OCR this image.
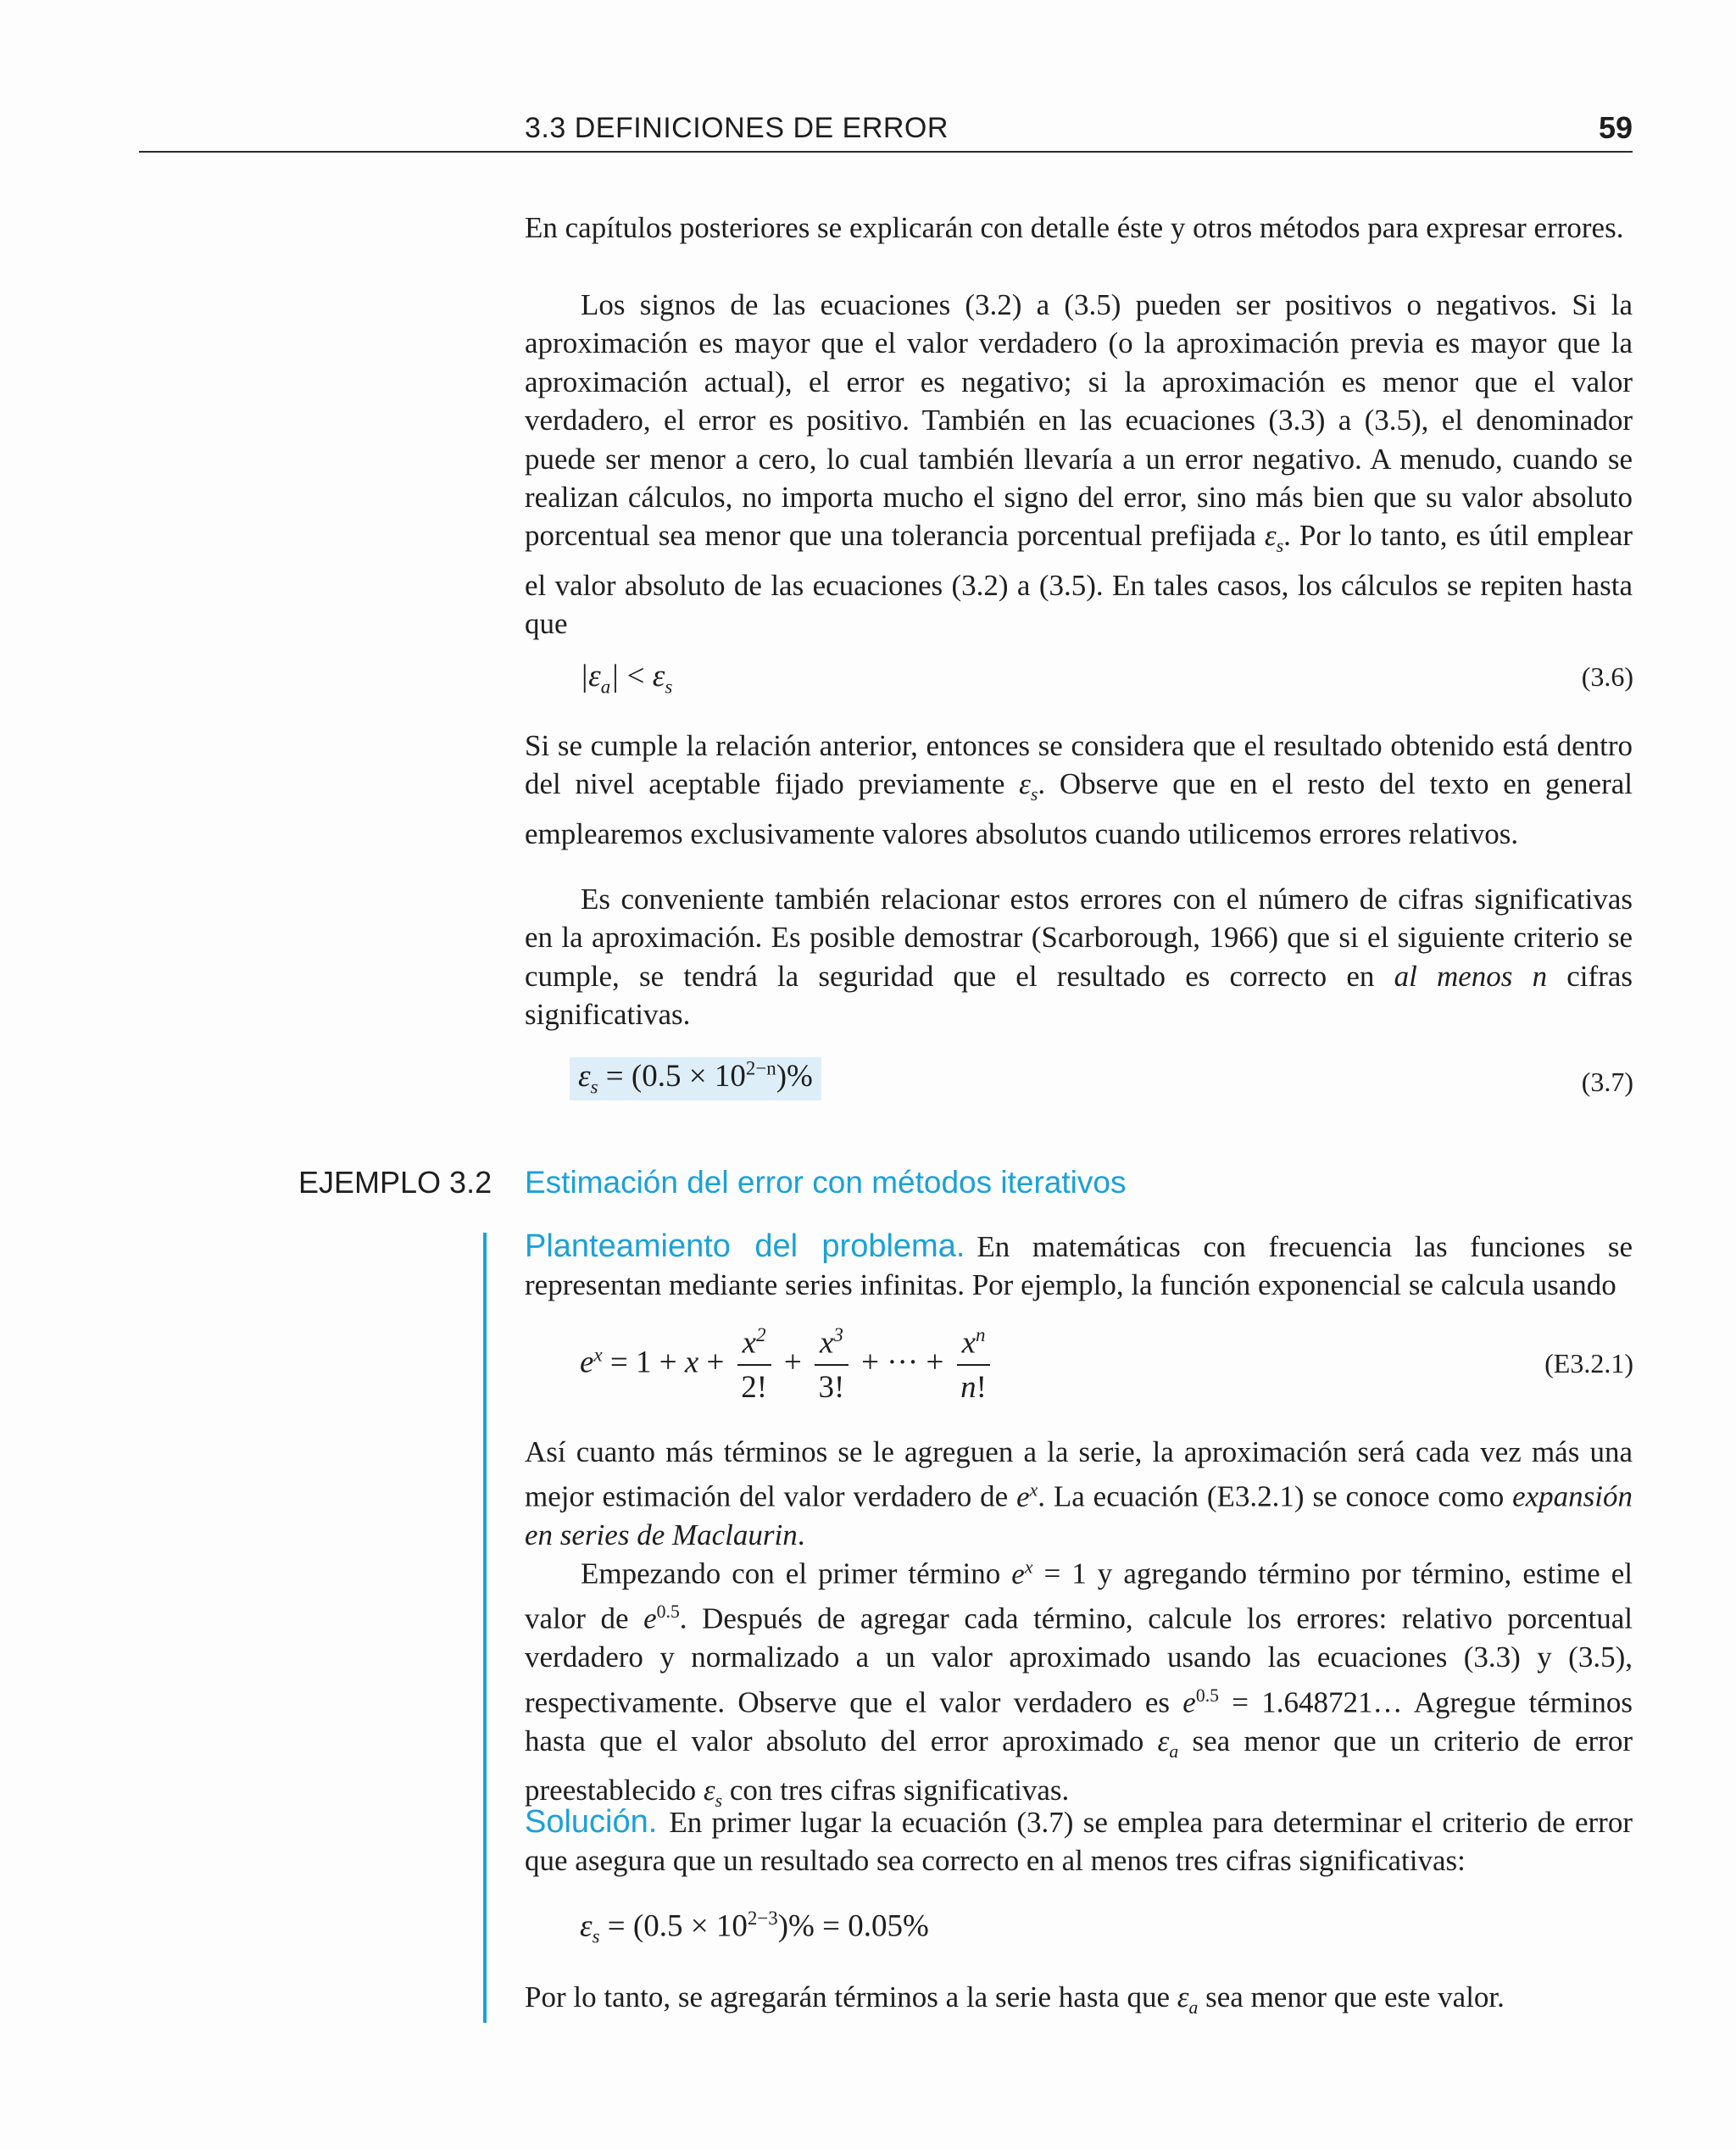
3.3 DEFINICIONES DE ERROR	59

En capítulos posteriores se explicarán con detalle éste y otros métodos para expresar errores.

Los signos de las ecuaciones (3.2) a (3.5) pueden ser positivos o negativos. Si la aproximación es mayor que el valor verdadero (o la aproximación previa es mayor que la aproximación actual), el error es negativo; si la aproximación es menor que el valor verdadero, el error es positivo. También en las ecuaciones (3.3) a (3.5), el denominador puede ser menor a cero, lo cual también llevaría a un error negativo. A menudo, cuando se realizan cálculos, no importa mucho el signo del error, sino más bien que su valor absoluto porcentual sea menor que una tolerancia porcentual prefijada $\varepsilon_s$. Por lo tanto, es útil emplear el valor absoluto de las ecuaciones (3.2) a (3.5). En tales casos, los cálculos se repiten hasta que

$|\varepsilon_a| < \varepsilon_s$	(3.6)

Si se cumple la relación anterior, entonces se considera que el resultado obtenido está dentro del nivel aceptable fijado previamente $\varepsilon_s$. Observe que en el resto del texto en general emplearemos exclusivamente valores absolutos cuando utilicemos errores relativos.

Es conveniente también relacionar estos errores con el número de cifras significativas en la aproximación. Es posible demostrar (Scarborough, 1966) que si el siguiente criterio se cumple, se tendrá la seguridad que el resultado es correcto en al menos n cifras significativas.

$\varepsilon_s = (0.5 \times 10^{2-n})\%$	(3.7)
EJEMPLO 3.2 Estimación del error con métodos iterativos

Planteamiento del problema. En matemáticas con frecuencia las funciones se representan mediante series infinitas. Por ejemplo, la función exponencial se calcula usando

$e^x = 1 + x + \frac{x^2}{2!} + \frac{x^3}{3!}$ + ··· + $\frac{x^n}{n!}$	(E3.2.1)

Así cuanto más términos se le agreguen a la serie, la aproximación será cada vez más una mejor estimación del valor verdadero de $e^x$. La ecuación (E3.2.1) se conoce como expansión en series de Maclaurin.

Empezando con el primer término $e^x = 1$ y agregando término por término, estime el valor de $e^{0.5}$. Después de agregar cada término, calcule los errores: relativo porcentual verdadero y normalizado a un valor aproximado usando las ecuaciones (3.3) y (3.5), respectivamente. Observe que el valor verdadero es $e^{0.5}$ = 1.648721… Agregue términos hasta que el valor absoluto del error aproximado $\varepsilon_a$ sea menor que un criterio de error preestablecido $\varepsilon_s$ con tres cifras significativas.

Solución. En primer lugar la ecuación (3.7) se emplea para determinar el criterio de error que asegura que un resultado sea correcto en al menos tres cifras significativas:

$\varepsilon_s = (0.5 \times 10^{2-3})\% = 0.05\%$

Por lo tanto, se agregarán términos a la serie hasta que $\varepsilon_a$ sea menor que este valor.
